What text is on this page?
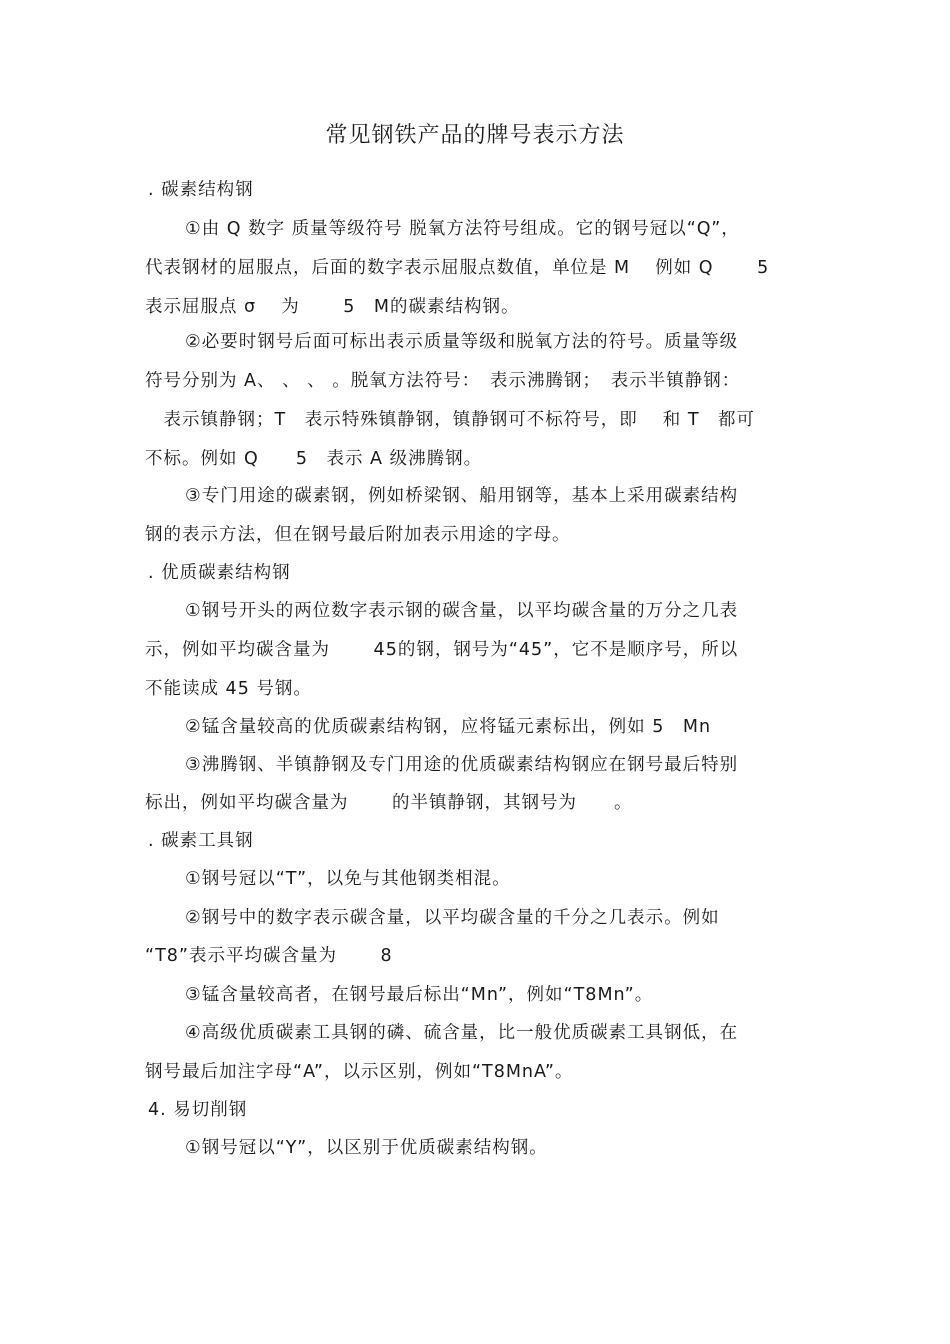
常见钢铁产品的牌号表示方法
. 碳素结构钢
①由 Q 数字 质量等级符号 脱氧方法符号组成。它的钢号冠以“Q”，
代表钢材的屈服点，后面的数字表示屈服点数值，单位是 M　 例如 Q　　 5
表示屈服点 σ　 为　　 5　M的碳素结构钢。
②必要时钢号后面可标出表示质量等级和脱氧方法的符号。质量等级
符号分别为 A、 、 、 。脱氧方法符号：　表示沸腾钢；　表示半镇静钢：
　表示镇静钢；T　表示特殊镇静钢，镇静钢可不标符号，即　 和 T　都可
不标。例如 Q　　5　表示 A 级沸腾钢。
③专门用途的碳素钢，例如桥梁钢、船用钢等，基本上采用碳素结构
钢的表示方法，但在钢号最后附加表示用途的字母。
. 优质碳素结构钢
①钢号开头的两位数字表示钢的碳含量，以平均碳含量的万分之几表
示，例如平均碳含量为　　 45的钢，钢号为“45”，它不是顺序号，所以
不能读成 45 号钢。
②锰含量较高的优质碳素结构钢，应将锰元素标出，例如 5　Mn
③沸腾钢、半镇静钢及专门用途的优质碳素结构钢应在钢号最后特别
标出，例如平均碳含量为　　 的半镇静钢，其钢号为　　。
. 碳素工具钢
①钢号冠以“T”，以免与其他钢类相混。
②钢号中的数字表示碳含量，以平均碳含量的千分之几表示。例如
“T8”表示平均碳含量为　　 8
③锰含量较高者，在钢号最后标出“Mn”，例如“T8Mn”。
④高级优质碳素工具钢的磷、硫含量，比一般优质碳素工具钢低，在
钢号最后加注字母“A”，以示区别，例如“T8MnA”。
4. 易切削钢
①钢号冠以“Y”，以区别于优质碳素结构钢。
